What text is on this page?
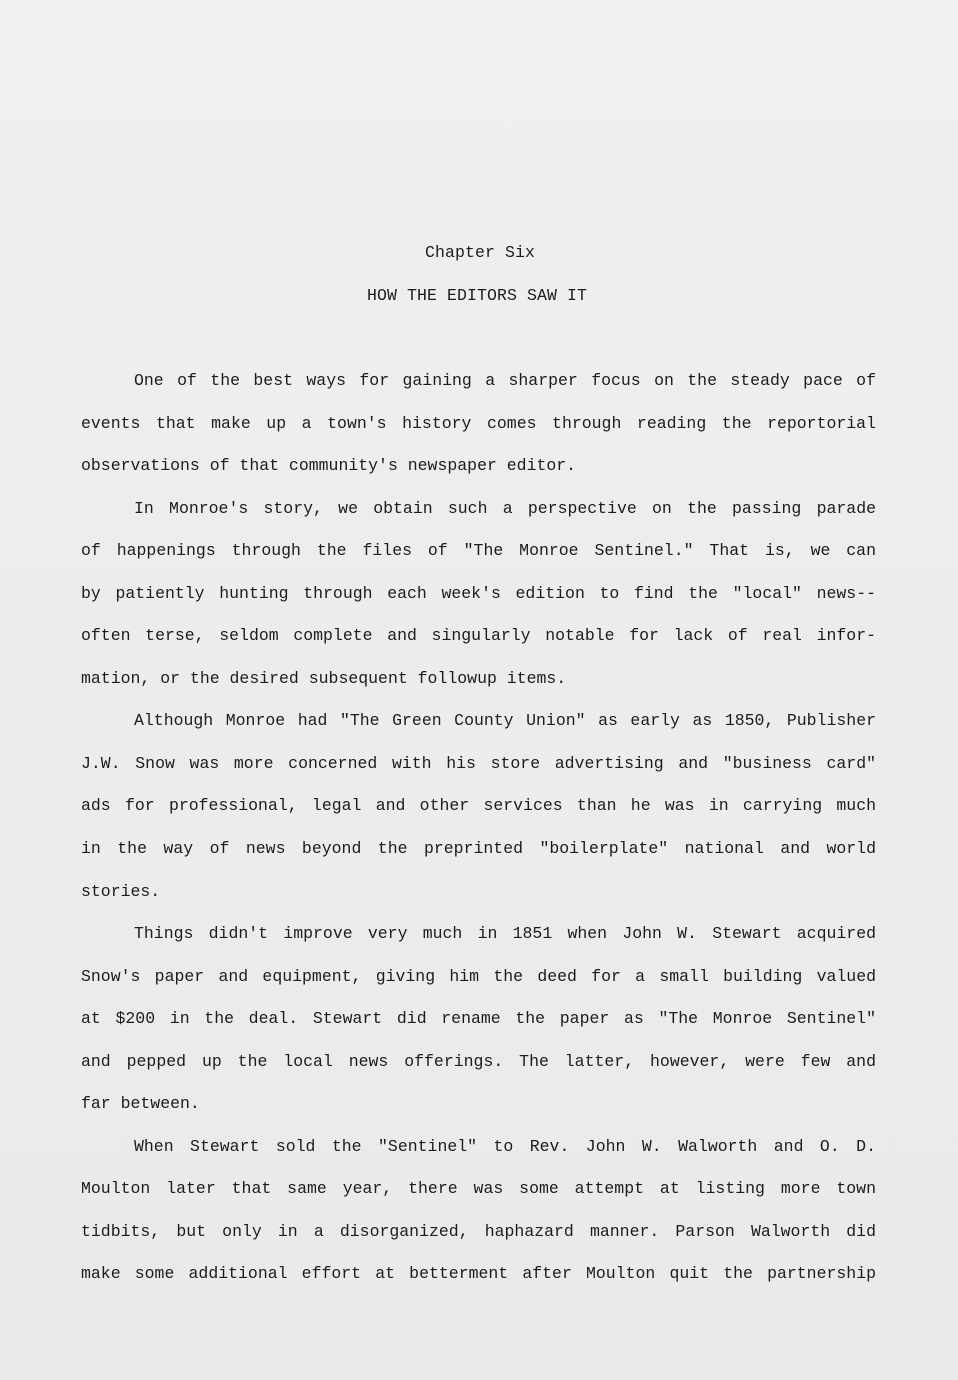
Chapter Six
HOW THE EDITORS SAW IT

One of the best ways for gaining a sharper focus on the steady pace of
events that make up a town's history comes through reading the reportorial
observations of that community's newspaper editor.

In Monroe's story, we obtain such a perspective on the passing parade
of happenings through the files of "The Monroe Sentinel." That is, we can
by patiently hunting through each week's edition to find the "local" news--
often terse, seldom complete and singularly notable for lack of real infor-
mation, or the desired subsequent followup items.

Although Monroe had "The Green County Union" as early as 1850, Publisher
J.W. Snow was more concerned with his store advertising and "business card"
ads for professional, legal and other services than he was in carrying much
in the way of news beyond the preprinted "boilerplate" national and world
stories.

Things didn't improve very much in 1851 when John W. Stewart acquired
Snow's paper and equipment, giving him the deed for a small building valued
at $200 in the deal. Stewart did rename the paper as "The Monroe Sentinel"
and pepped up the local news offerings. The latter, however, were few and
far between.

When Stewart sold the "Sentinel" to Rev. John W. Walworth and O. D.
Moulton later that same year, there was some attempt at listing more town
tidbits, but only in a disorganized, haphazard manner. Parson Walworth did
make some additional effort at betterment after Moulton quit the partnership
